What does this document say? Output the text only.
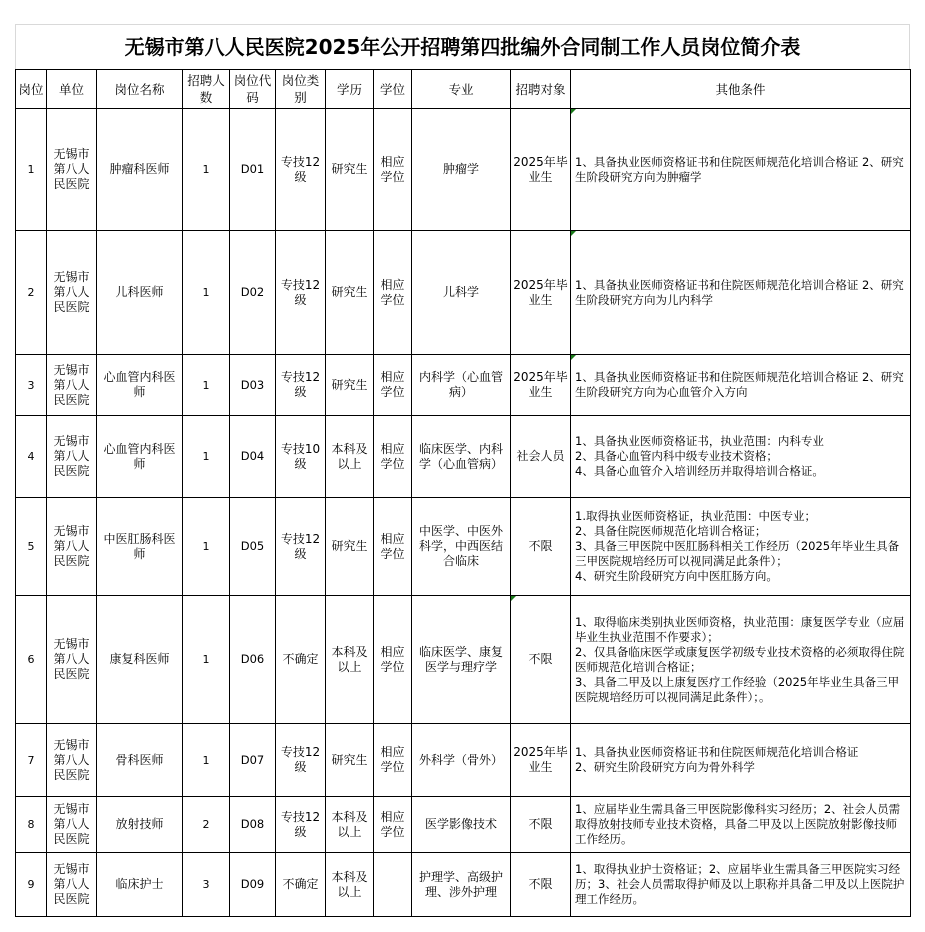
无锡市第八人民医院2025年公开招聘第四批编外合同制工作人员岗位简介表
岗位	单位	岗位名称	招聘人数	岗位代码	岗位类别	学历	学位	专业	招聘对象	其他条件
1	无锡市第八人民医院	肿瘤科医师	1	D01	专技12级	研究生	相应学位	肿瘤学	2025年毕业生	1、具备执业医师资格证书和住院医师规范化培训合格证 2、研究生阶段研究方向为肿瘤学
2	无锡市第八人民医院	儿科医师	1	D02	专技12级	研究生	相应学位	儿科学	2025年毕业生	1、具备执业医师资格证书和住院医师规范化培训合格证 2、研究生阶段研究方向为儿内科学
3	无锡市第八人民医院	心血管内科医师	1	D03	专技12级	研究生	相应学位	内科学（心血管病）	2025年毕业生	1、具备执业医师资格证书和住院医师规范化培训合格证 2、研究生阶段研究方向为心血管介入方向
4	无锡市第八人民医院	心血管内科医师	1	D04	专技10级	本科及以上	相应学位	临床医学、内科学（心血管病）	社会人员	1、具备执业医师资格证书，执业范围：内科专业
2、具备心血管内科中级专业技术资格；
4、具备心血管介入培训经历并取得培训合格证。
5	无锡市第八人民医院	中医肛肠科医师	1	D05	专技12级	研究生	相应学位	中医学、中医外科学，中西医结合临床	不限	1.取得执业医师资格证，执业范围：中医专业；
2、具备住院医师规范化培训合格证；
3、具备三甲医院中医肛肠科相关工作经历（2025年毕业生具备三甲医院规培经历可以视同满足此条件）；
4、研究生阶段研究方向中医肛肠方向。
6	无锡市第八人民医院	康复科医师	1	D06	不确定	本科及以上	相应学位	临床医学、康复医学与理疗学	不限	1、取得临床类别执业医师资格，执业范围：康复医学专业（应届毕业生执业范围不作要求）；
2、仅具备临床医学或康复医学初级专业技术资格的必须取得住院医师规范化培训合格证；
3、具备二甲及以上康复医疗工作经验（2025年毕业生具备三甲医院规培经历可以视同满足此条件）；。
7	无锡市第八人民医院	骨科医师	1	D07	专技12级	研究生	相应学位	外科学（骨外）	2025年毕业生	1、具备执业医师资格证书和住院医师规范化培训合格证
2、研究生阶段研究方向为骨外科学
8	无锡市第八人民医院	放射技师	2	D08	专技12级	本科及以上	相应学位	医学影像技术	不限	1、应届毕业生需具备三甲医院影像科实习经历；2、社会人员需取得放射技师专业技术资格，具备二甲及以上医院放射影像技师工作经历。
9	无锡市第八人民医院	临床护士	3	D09	不确定	本科及以上		护理学、高级护理、涉外护理	不限	1、取得执业护士资格证；2、应届毕业生需具备三甲医院实习经历；3、社会人员需取得护师及以上职称并具备二甲及以上医院护理工作经历。
